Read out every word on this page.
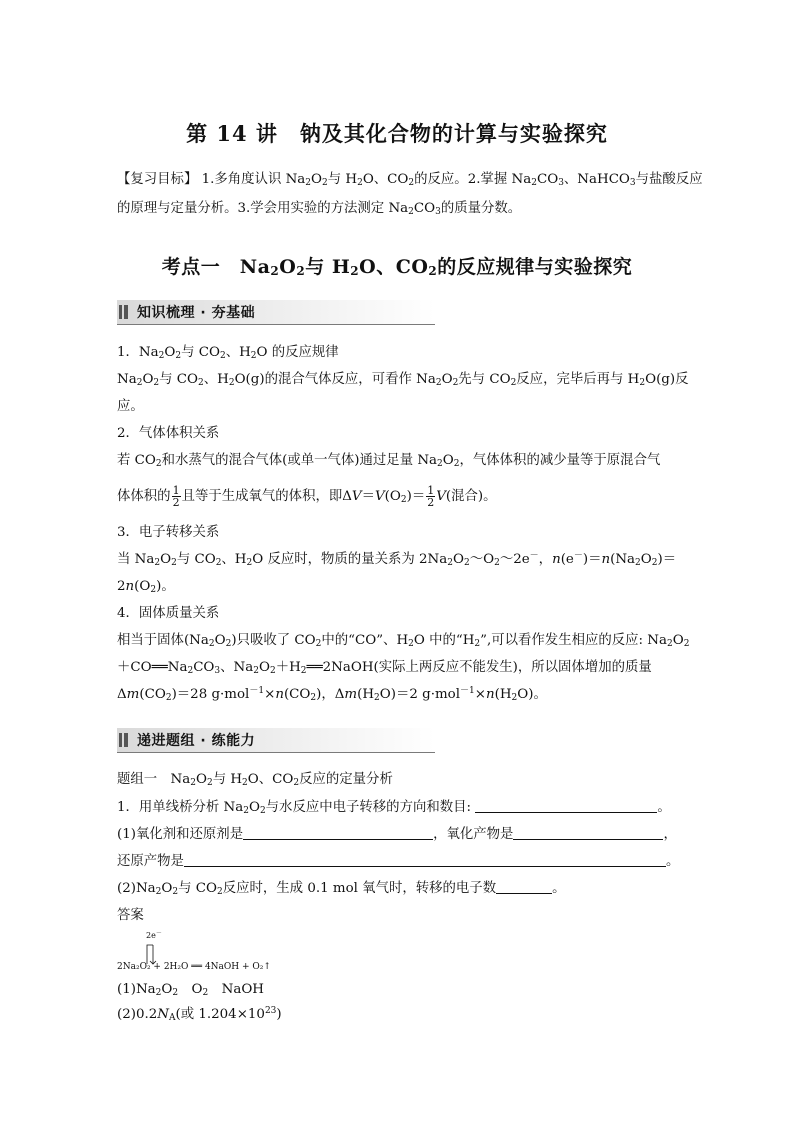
第 14 讲　钠及其化合物的计算与实验探究
【复习目标】 1.多角度认识 $Na_2O_2$与 $H_2O$、$CO_2$的反应。2.掌握 $Na_2CO_3$、NaHCO$_3$与盐酸反应
的原理与定量分析。3.学会用实验的方法测定 $Na_2CO_3$的质量分数。
考点一　$Na_2O_2$与 $H_2O$、$CO_2$的反应规律与实验探究
知识梳理 · 夯基础
1．$Na_2O_2$与 $CO_2$、$H_2O$ 的反应规律
$Na_2O_2$与 $CO_2$、$H_2O(g)$的混合气体反应，可看作 $Na_2O_2$先与 $CO_2$反应，完毕后再与 $H_2O(g)$反
应。
2．气体体积关系
若 $CO_2$和水蒸气的混合气体(或单一气体)通过足量 $Na_2O_2$，气体体积的减少量等于原混合气
体体积的 $\frac{1}{2}$ 且等于生成氧气的体积，即$\Delta V=V(O_2)= \frac{1}{2} V$(混合)。
3．电子转移关系
当 $Na_2O_2$与 $CO_2$、$H_2O$ 反应时，物质的量关系为 $2Na_2O_2\sim O_2\sim 2e^-$，$n(e^-)=n(Na_2O_2)=$
$2n(O_2)$。
4．固体质量关系
相当于固体$(Na_2O_2)$只吸收了 $CO_2$中的“CO”、$H_2O$ 中的“$H_2$”,可以看作发生相应的反应: $Na_2O_2$
$+CO══Na_2CO_3$、$Na_2O_2+H_2══2NaOH$(实际上两反应不能发生)，所以固体增加的质量
$\Delta m(CO_2)=28$ $g\cdot mol^{-1}\times n(CO_2)$，$\Delta m(H_2O)=2$ $g\cdot mol^{-1}\times n(H_2O)$。
递进题组 · 练能力
题组一　$Na_2O_2$与 $H_2O$、$CO_2$反应的定量分析
1．用单线桥分析 $Na_2O_2$与水反应中电子转移的方向和数目:	。
(1)氧化剂和还原剂是	，氧化产物是	，
还原产物是	。
$(2)Na_2O_2$与 $CO_2$反应时，生成 0.1 mol 氧气时，转移的电子数	。
答案
2e－
2Na₂O₂ + 2H₂O ══ 4NaOH + O₂↑
$(1)Na_2O_2$　$O_2$　NaOH
$(2)0.2N_A$(或 $1.204\times 10^{23}$)
